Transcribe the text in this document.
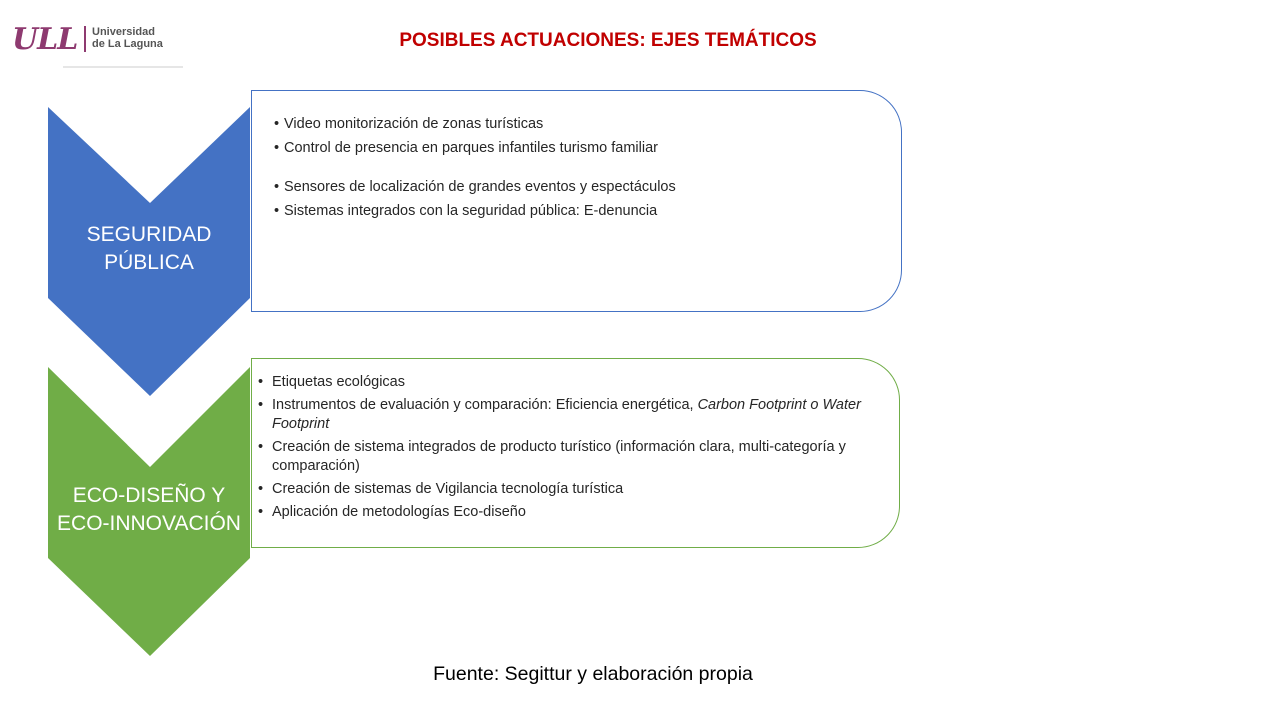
ULL Universidad
de La Laguna	POSIBLES ACTUACIONES: EJES TEMÁTICOS
SEGURIDAD
PÚBLICA
ECO-DISEÑO Y
ECO-INNOVACIÓN
• Video monitorización de zonas turísticas
• Control de presencia en parques infantiles turismo familiar
• Sensores de localización de grandes eventos y espectáculos
• Sistemas integrados con la seguridad pública: E-denuncia
• Etiquetas ecológicas
• Instrumentos de evaluación y comparación: Eficiencia energética, Carbon Footprint o Water Footprint
• Creación de sistema integrados de producto turístico (información clara, multi-categoría y comparación)
• Creación de sistemas de Vigilancia tecnología turística
• Aplicación de metodologías Eco-diseño
Fuente: Segittur y elaboración propia
